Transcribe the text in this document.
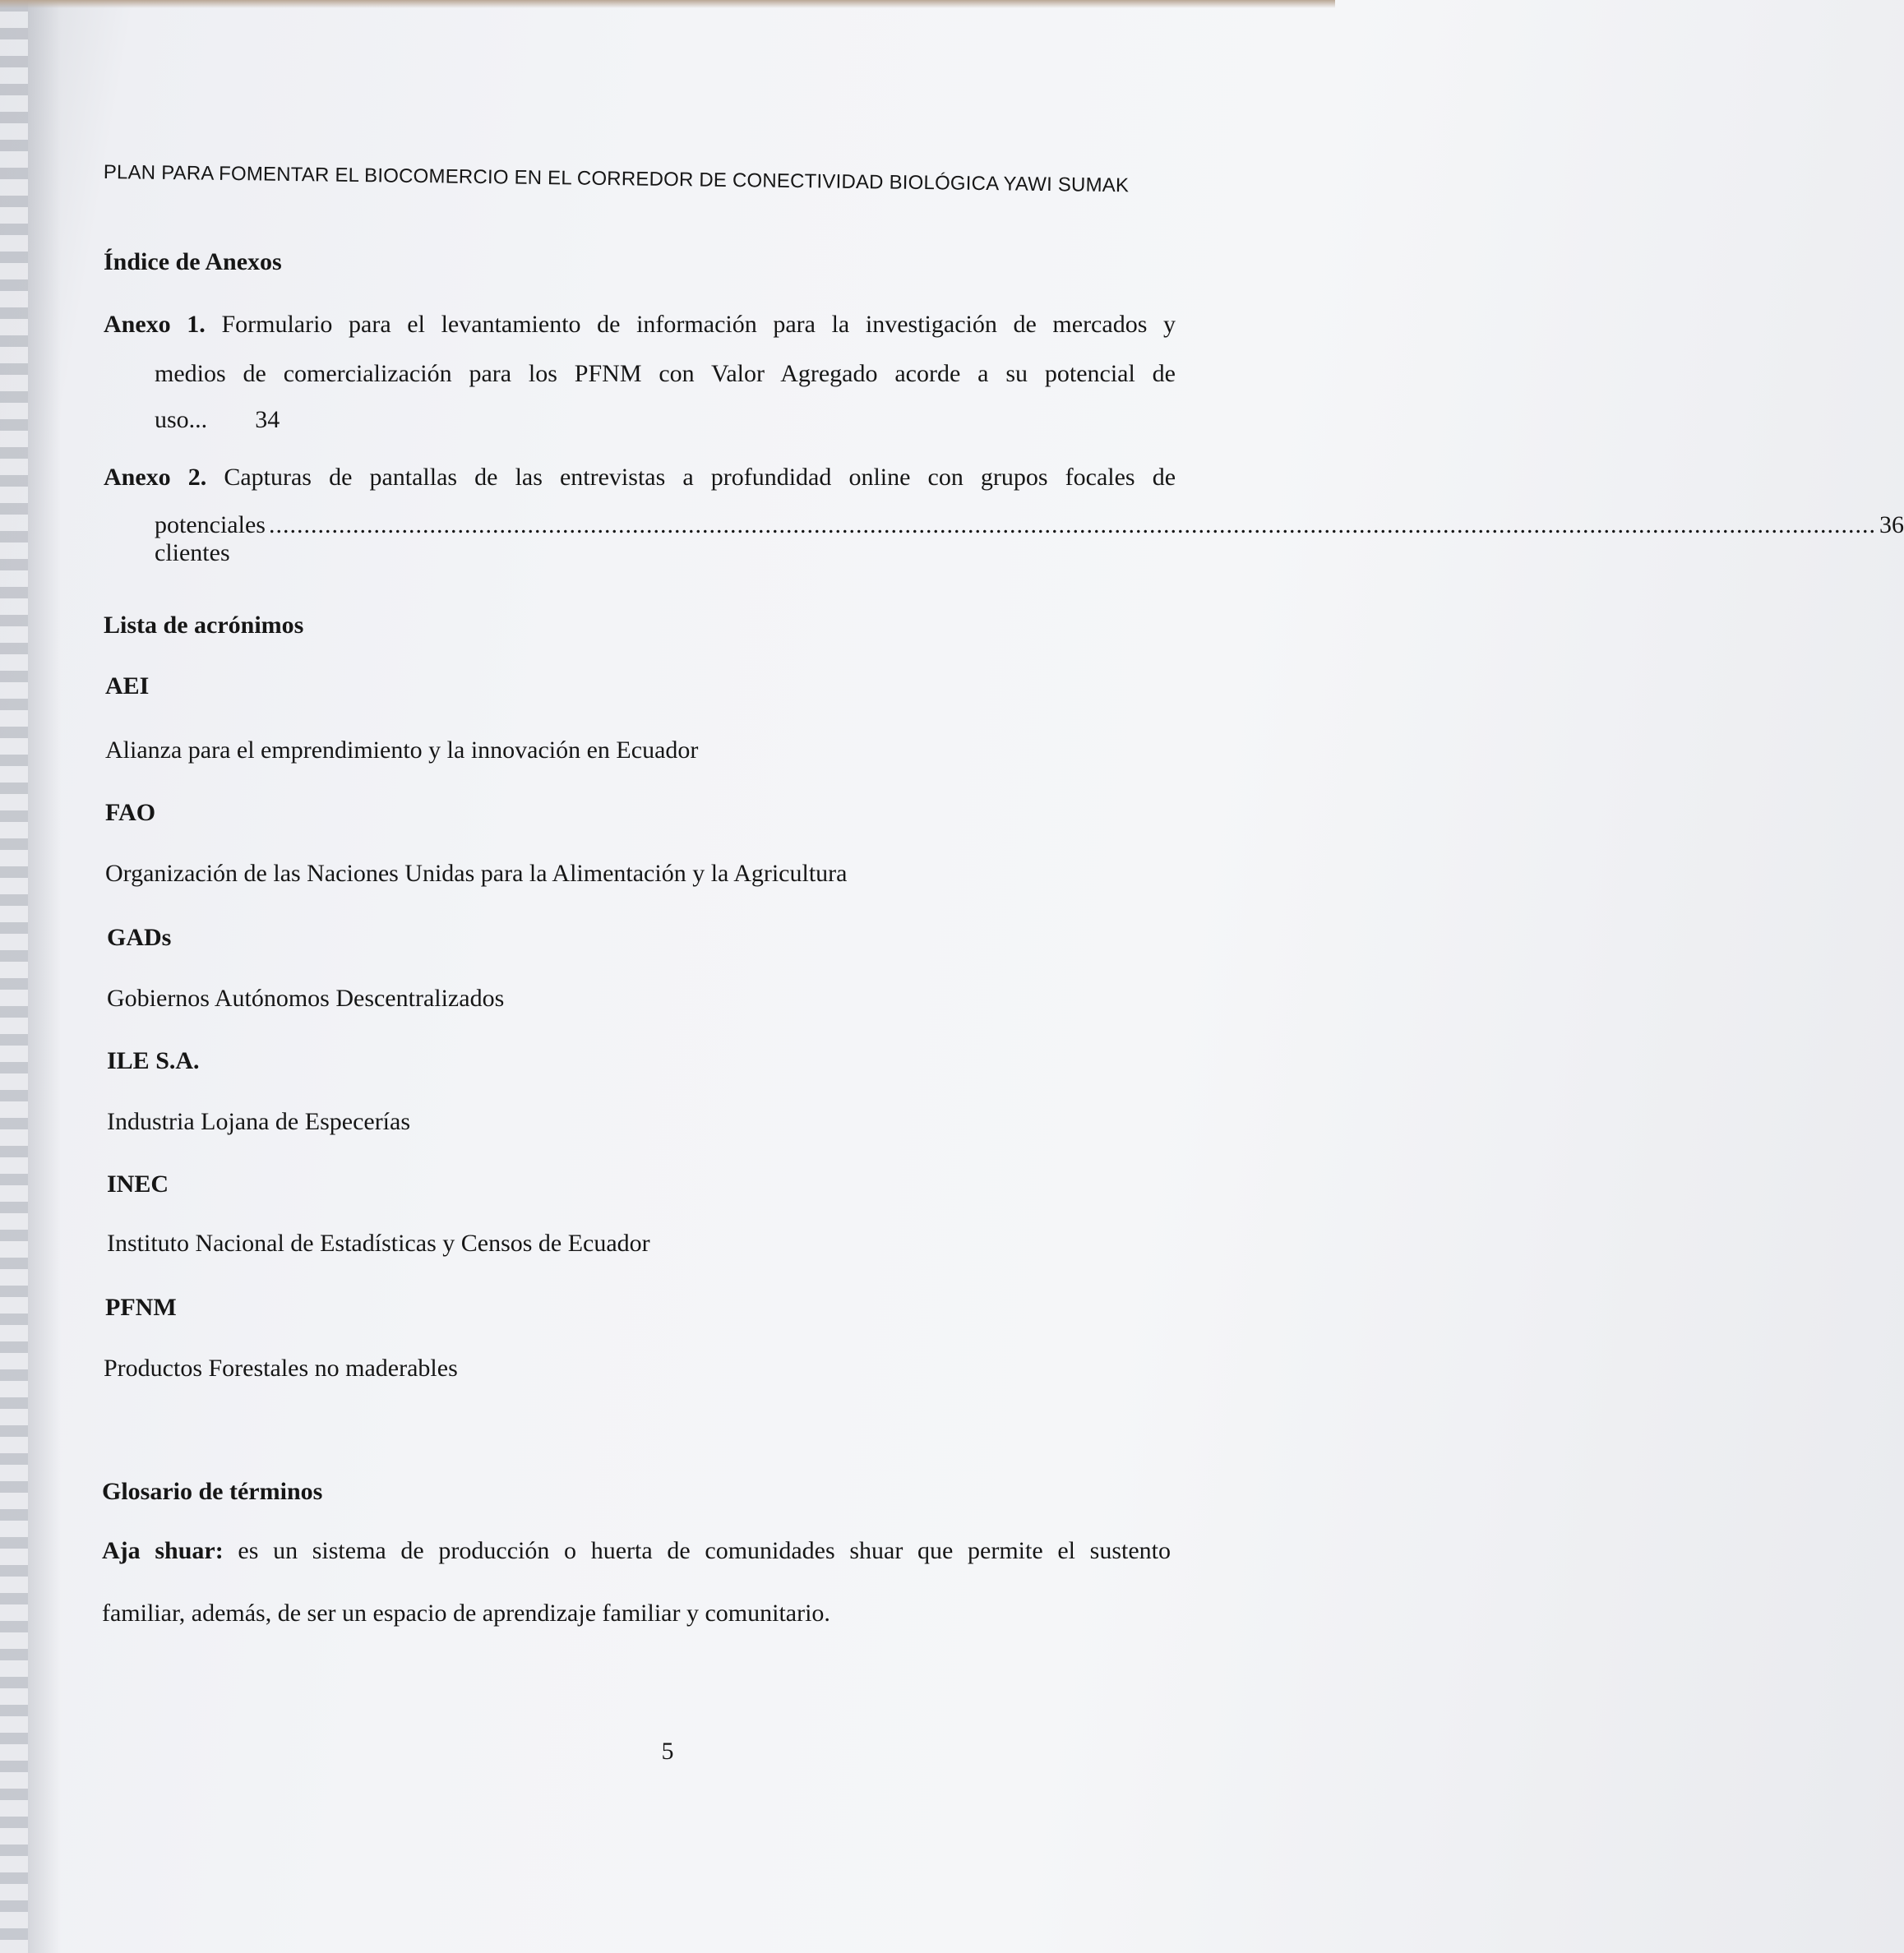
PLAN PARA FOMENTAR EL BIOCOMERCIO EN EL CORREDOR DE CONECTIVIDAD BIOLÓGICA YAWI SUMAK
Índice de Anexos
Anexo 1. Formulario para el levantamiento de información para la investigación de mercados y
medios de comercialización para los PFNM con Valor Agregado acorde a su potencial de
uso... 34
Anexo 2. Capturas de pantallas de las entrevistas a profundidad online con grupos focales de
potenciales clientes
...................................................................................................................................................................................................................................... 36
Lista de acrónimos
AEI
Alianza para el emprendimiento y la innovación en Ecuador
FAO
Organización de las Naciones Unidas para la Alimentación y la Agricultura
GADs
Gobiernos Autónomos Descentralizados
ILE S.A.
Industria Lojana de Especerías
INEC
Instituto Nacional de Estadísticas y Censos de Ecuador
PFNM
Productos Forestales no maderables
Glosario de términos
Aja shuar: es un sistema de producción o huerta de comunidades shuar que permite el sustento
familiar, además, de ser un espacio de aprendizaje familiar y comunitario.
5
